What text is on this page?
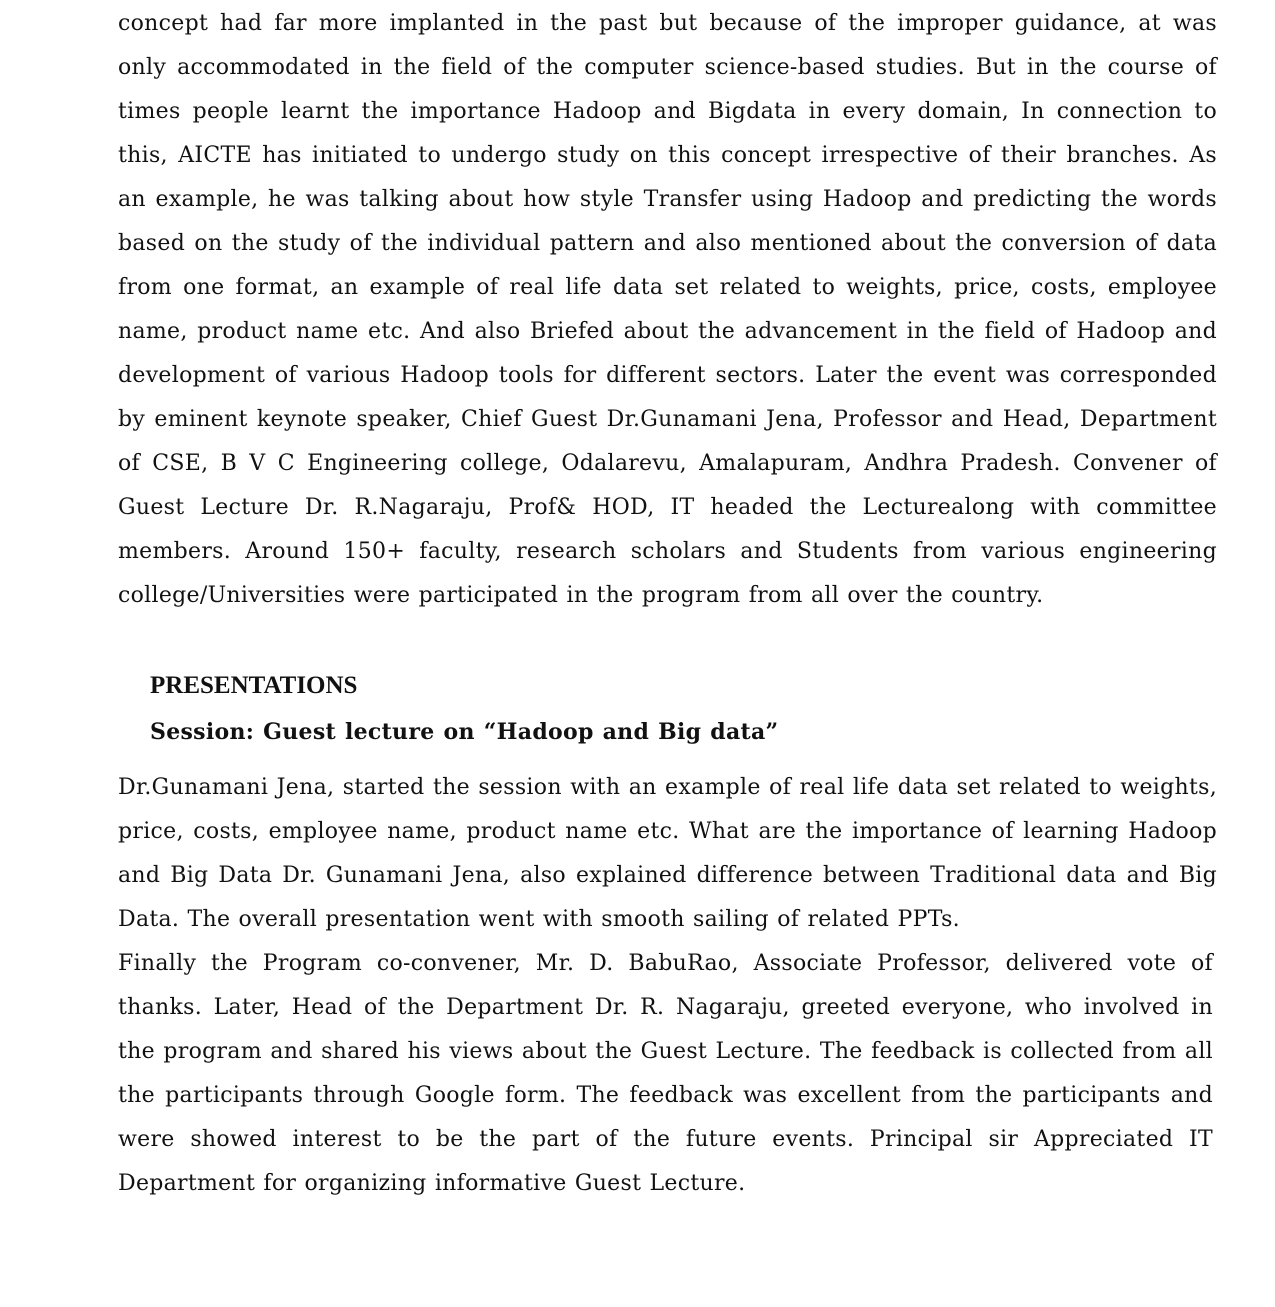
concept had far more implanted in the past but because of the improper guidance, at was only accommodated in the field of the computer science-based studies. But in the course of times people learnt the importance Hadoop and Bigdata in every domain, In connection to this, AICTE has initiated to undergo study on this concept irrespective of their branches. As an example, he was talking about how style Transfer using Hadoop and predicting the words based on the study of the individual pattern and also mentioned about the conversion of data from one format, an example of real life data set related to weights, price, costs, employee name, product name etc. And also Briefed about the advancement in the field of Hadoop and development of various Hadoop tools for different sectors. Later the event was corresponded by eminent keynote speaker, Chief Guest Dr.Gunamani Jena, Professor and Head, Department of CSE, B V C Engineering college, Odalarevu, Amalapuram, Andhra Pradesh. Convener of Guest Lecture Dr. R.Nagaraju, Prof& HOD, IT headed the Lecturealong with committee members. Around 150+ faculty, research scholars and Students from various engineering college/Universities were participated in the program from all over the country.

PRESENTATIONS
Session: Guest lecture on “Hadoop and Big data”

Dr.Gunamani Jena, started the session with an example of real life data set related to weights, price, costs, employee name, product name etc. What are the importance of learning Hadoop and Big Data Dr. Gunamani Jena, also explained difference between Traditional data and Big Data. The overall presentation went with smooth sailing of related PPTs.

Finally the Program co-convener, Mr. D. BabuRao, Associate Professor, delivered vote of thanks. Later, Head of the Department Dr. R. Nagaraju, greeted everyone, who involved in the program and shared his views about the Guest Lecture. The feedback is collected from all the participants through Google form. The feedback was excellent from the participants and were showed interest to be the part of the future events. Principal sir Appreciated IT Department for organizing informative Guest Lecture.
